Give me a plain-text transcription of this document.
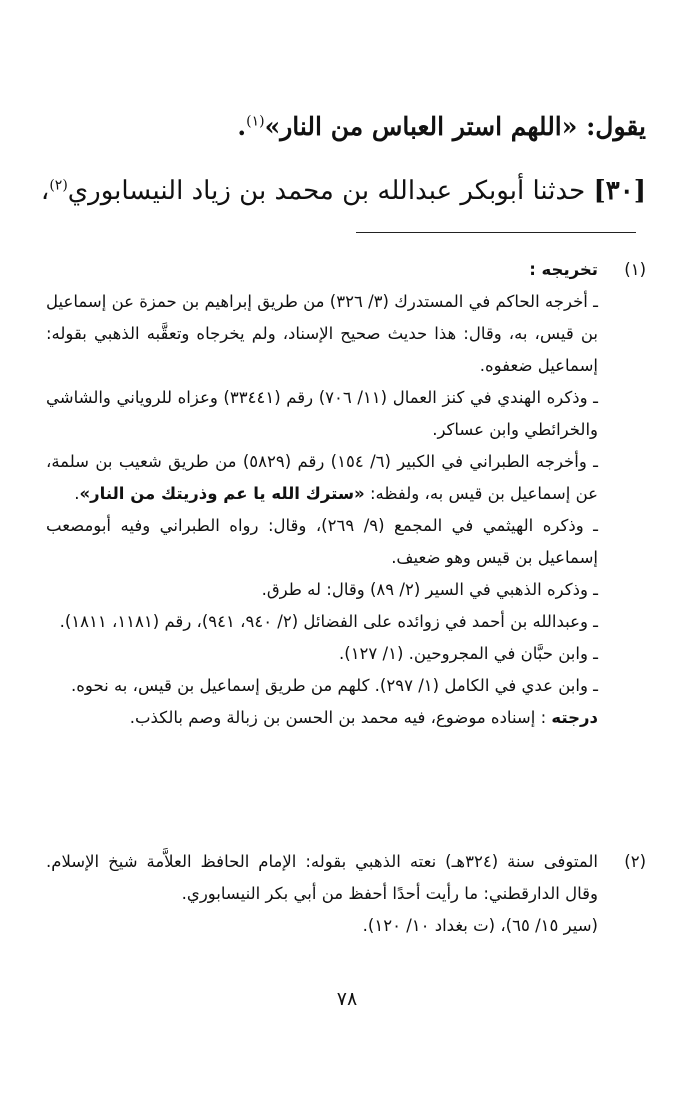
يقول: «اللهم استر العباس من النار»$^{(١)}$.
[٣٠] حدثنا أبوبكر عبدالله بن محمد بن زياد النيسابوري$^{(٢)}$،
(١)
تخريجه :

ـ أخرجه الحاكم في المستدرك (٣/ ٣٢٦) من طريق إبراهيم بن حمزة عن إسماعيل بن قيس، به، وقال: هذا حديث صحيح الإسناد، ولم يخرجاه وتعقَّبه الذهبي بقوله: إسماعيل ضعفوه.

ـ وذكره الهندي في كنز العمال (١١/ ٧٠٦) رقم (٣٣٤٤١) وعزاه للروياني والشاشي والخرائطي وابن عساكر.

ـ وأخرجه الطبراني في الكبير (٦/ ١٥٤) رقم (٥٨٢٩) من طريق شعيب بن سلمة، عن إسماعيل بن قيس به، ولفظه: «سترك الله يا عم وذريتك من النار».

ـ وذكره الهيثمي في المجمع (٩/ ٢٦٩)، وقال: رواه الطبراني وفيه أبومصعب إسماعيل بن قيس وهو ضعيف.

ـ وذكره الذهبي في السير (٢/ ٨٩) وقال: له طرق.

ـ وعبدالله بن أحمد في زوائده على الفضائل (٢/ ٩٤٠، ٩٤١)، رقم (١١٨١، ١٨١١).

ـ وابن حبَّان في المجروحين. (١/ ١٢٧).

ـ وابن عدي في الكامل (١/ ٢٩٧). كلهم من طريق إسماعيل بن قيس، به نحوه.

درجته : إسناده موضوع، فيه محمد بن الحسن بن زبالة وصم بالكذب.

(٢)

المتوفى سنة (٣٢٤هـ) نعته الذهبي بقوله: الإمام الحافظ العلاَّمة شيخ الإسلام. وقال الدارقطني: ما رأيت أحدًا أحفظ من أبي بكر النيسابوري.

(سير ١٥/ ٦٥)، (ت بغداد ١٠/ ١٢٠).

٧٨
